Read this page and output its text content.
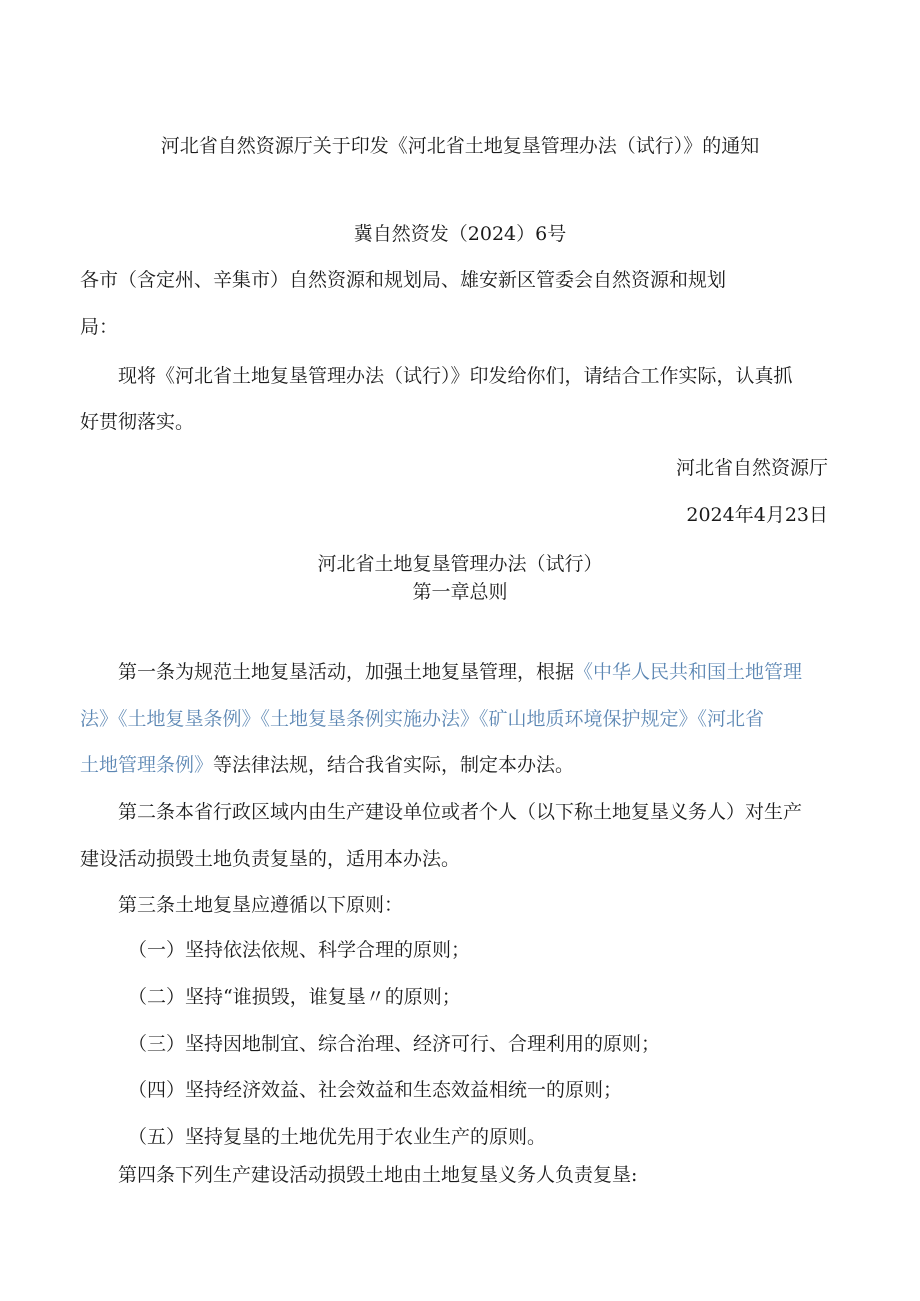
河北省自然资源厅关于印发《河北省土地复垦管理办法（试行）》的通知
冀自然资发（2024）6号
各市（含定州、辛集市）自然资源和规划局、雄安新区管委会自然资源和规划
局：
现将《河北省土地复垦管理办法（试行）》印发给你们，请结合工作实际，认真抓
好贯彻落实。
河北省自然资源厅
2024年4月23日
河北省土地复垦管理办法（试行）
第一章总则
第一条为规范土地复垦活动，加强土地复垦管理，根据《中华人民共和国土地管理
法》《土地复垦条例》《土地复垦条例实施办法》《矿山地质环境保护规定》《河北省
土地管理条例》等法律法规，结合我省实际，制定本办法。
第二条本省行政区域内由生产建设单位或者个人（以下称土地复垦义务人）对生产
建设活动损毁土地负责复垦的，适用本办法。
第三条土地复垦应遵循以下原则：
（一）坚持依法依规、科学合理的原则；
（二）坚持“谁损毁，谁复垦〃的原则；
（三）坚持因地制宜、综合治理、经济可行、合理利用的原则；
（四）坚持经济效益、社会效益和生态效益相统一的原则；
（五）坚持复垦的土地优先用于农业生产的原则。
第四条下列生产建设活动损毁土地由土地复垦义务人负责复垦:
